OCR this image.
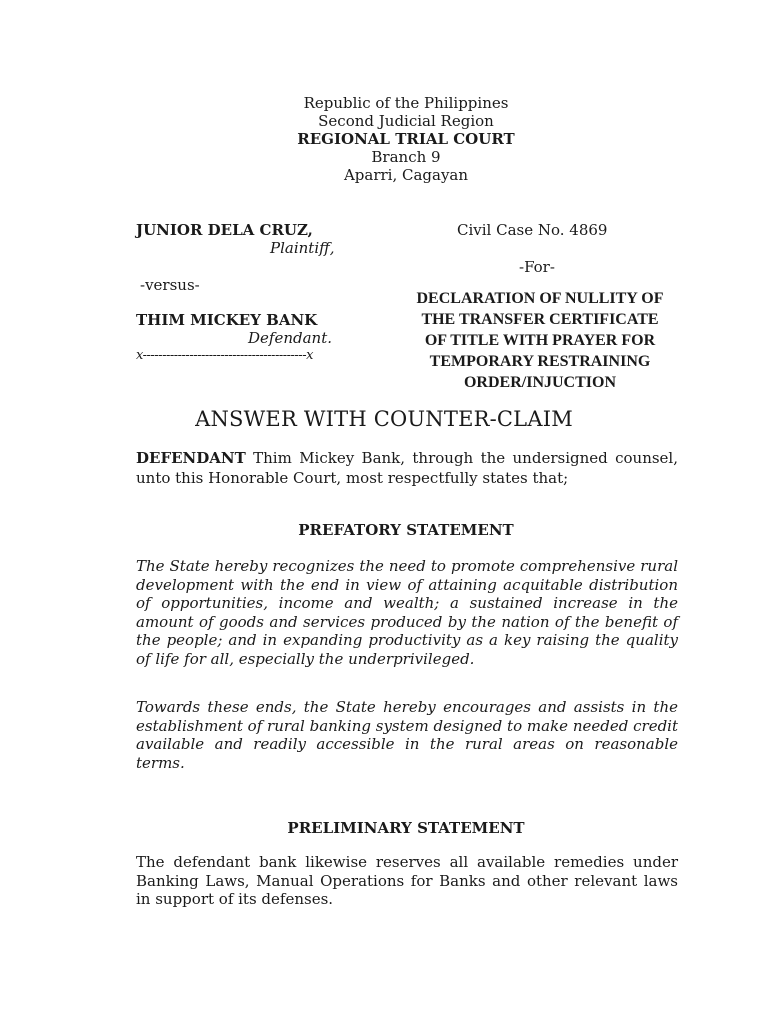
Republic of the Philippines
Second Judicial Region
REGIONAL TRIAL COURT
Branch 9
Aparri, Cagayan
JUNIOR DELA CRUZ,
Plaintiff,
-versus-
THIM MICKEY BANK
Defendant.
x------------------------------------------x
Civil Case No. 4869
-For-
DECLARATION OF NULLITY OF
THE TRANSFER CERTIFICATE
OF TITLE WITH PRAYER FOR
TEMPORARY RESTRAINING
ORDER/INJUCTION
ANSWER WITH COUNTER-CLAIM
DEFENDANT Thim Mickey Bank, through the undersigned counsel, unto this Honorable Court, most respectfully states that;
PREFATORY STATEMENT
The State hereby recognizes the need to promote comprehensive rural development with the end in view of attaining acquitable distribution of opportunities, income and wealth; a sustained increase in the amount of goods and services produced by the nation of the benefit of the people; and in expanding productivity as a key raising the quality of life for all, especially the underprivileged.
Towards these ends, the State hereby encourages and assists in the establishment of rural banking system designed to make needed credit available and readily accessible in the rural areas on reasonable terms.
PRELIMINARY STATEMENT
The defendant bank likewise reserves all available remedies under Banking Laws, Manual Operations for Banks and other relevant laws in support of its defenses.
